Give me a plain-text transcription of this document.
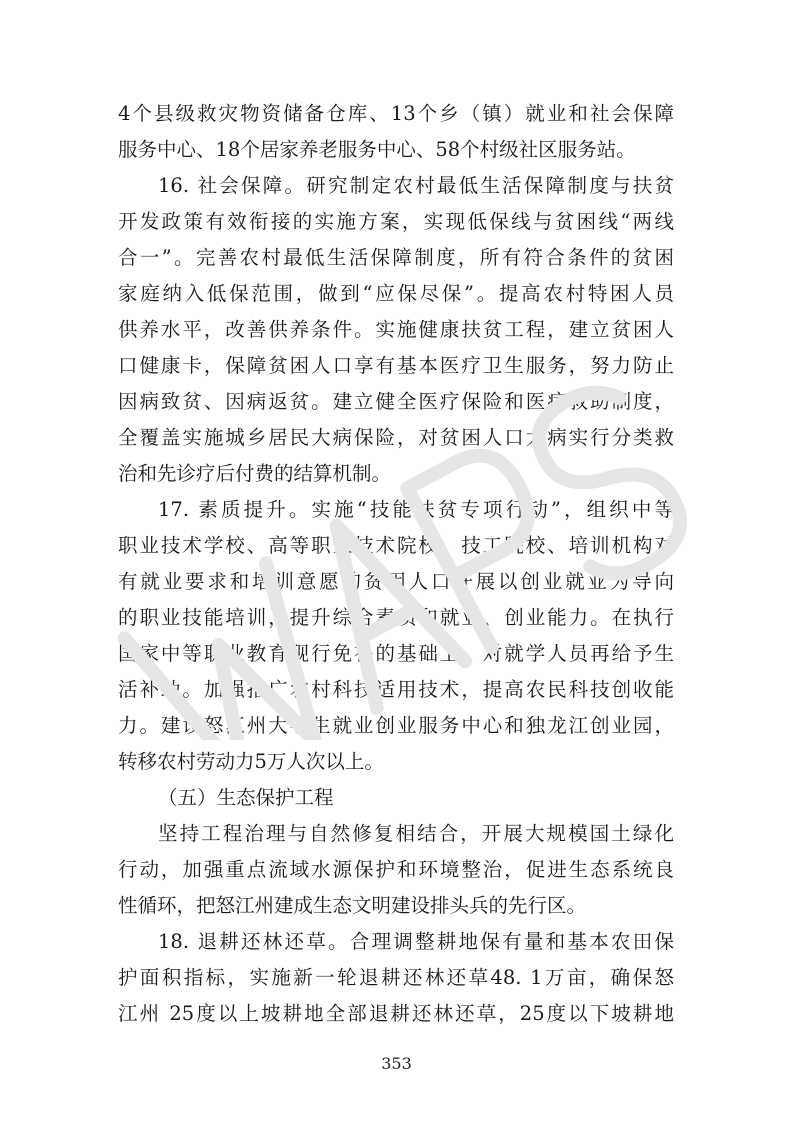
4个县级救灾物资储备仓库、13个乡（镇）就业和社会保障
服务中心、18个居家养老服务中心、58个村级社区服务站。
16. 社会保障。研究制定农村最低生活保障制度与扶贫
开发政策有效衔接的实施方案，实现低保线与贫困线“两线
合一”。完善农村最低生活保障制度，所有符合条件的贫困
家庭纳入低保范围，做到“应保尽保”。提高农村特困人员
供养水平，改善供养条件。实施健康扶贫工程，建立贫困人
口健康卡，保障贫困人口享有基本医疗卫生服务，努力防止
因病致贫、因病返贫。建立健全医疗保险和医疗救助制度，
全覆盖实施城乡居民大病保险，对贫困人口大病实行分类救
治和先诊疗后付费的结算机制。
17. 素质提升。实施“技能扶贫专项行动”，组织中等
职业技术学校、高等职业技术院校、技工院校、培训机构对
有就业要求和培训意愿的贫困人口开展以创业就业为导向
的职业技能培训，提升综合素质和就业、创业能力。在执行
国家中等职业教育现行免补的基础上，对就学人员再给予生
活补助。加强推广农村科技适用技术，提高农民科技创收能
力。建设怒江州大学生就业创业服务中心和独龙江创业园，
转移农村劳动力5万人次以上。
（五）生态保护工程
坚持工程治理与自然修复相结合，开展大规模国土绿化
行动，加强重点流域水源保护和环境整治，促进生态系统良
性循环，把怒江州建成生态文明建设排头兵的先行区。
18. 退耕还林还草。合理调整耕地保有量和基本农田保
护面积指标，实施新一轮退耕还林还草48. 1万亩，确保怒
江州 25度以上坡耕地全部退耕还林还草，25度以下坡耕地
353
